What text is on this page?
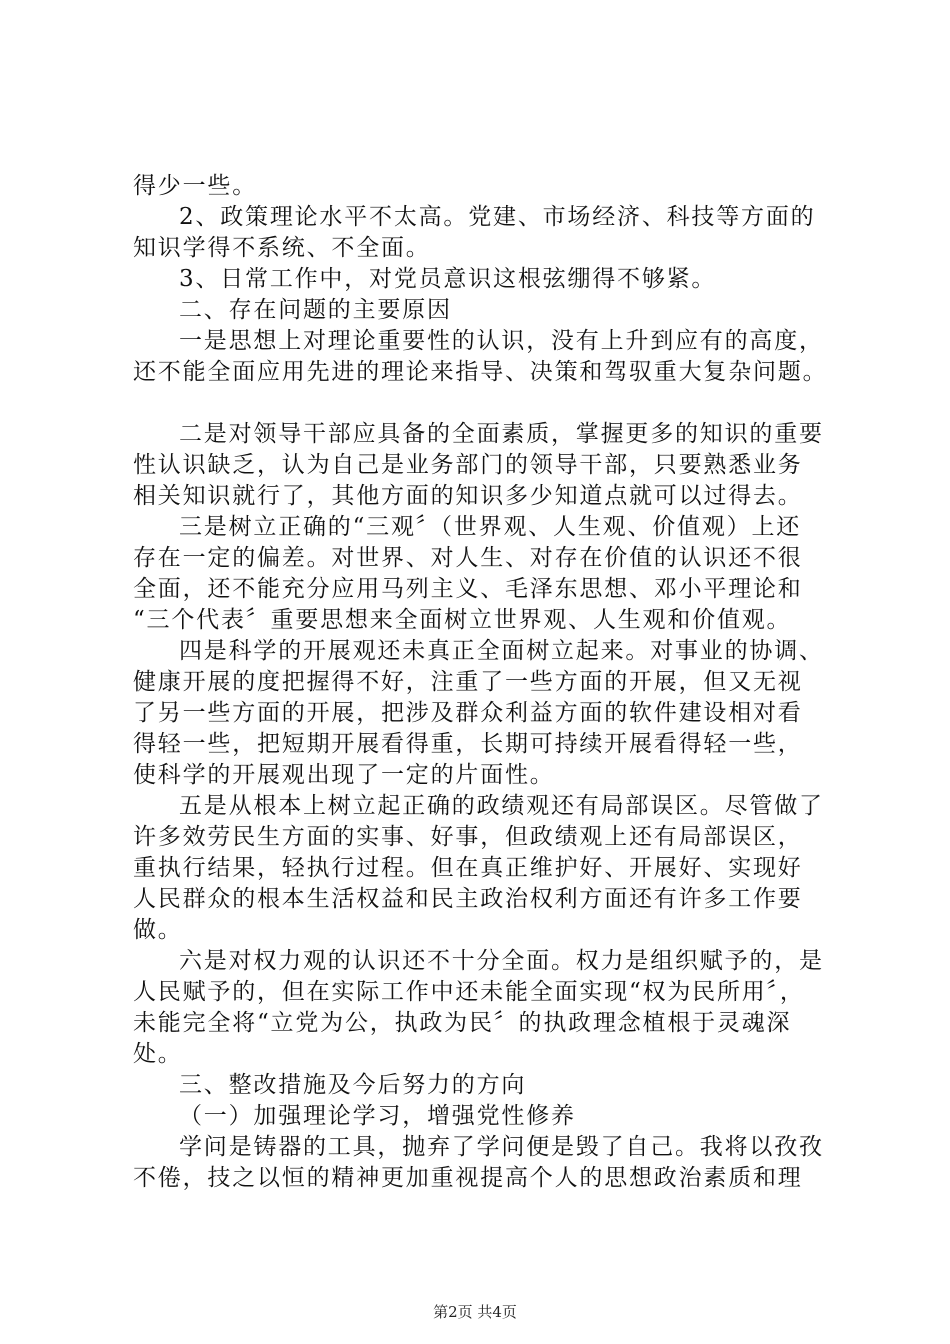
得少一些。
2、政策理论水平不太高。党建、市场经济、科技等方面的
知识学得不系统、不全面。
3、日常工作中，对党员意识这根弦绷得不够紧。
二、存在问题的主要原因
一是思想上对理论重要性的认识，没有上升到应有的高度，
还不能全面应用先进的理论来指导、决策和驾驭重大复杂问题。
二是对领导干部应具备的全面素质，掌握更多的知识的重要
性认识缺乏，认为自己是业务部门的领导干部，只要熟悉业务
相关知识就行了，其他方面的知识多少知道点就可以过得去。
三是树立正确的“三观〞（世界观、人生观、价值观）上还
存在一定的偏差。对世界、对人生、对存在价值的认识还不很
全面，还不能充分应用马列主义、毛泽东思想、邓小平理论和
“三个代表〞重要思想来全面树立世界观、人生观和价值观。
四是科学的开展观还未真正全面树立起来。对事业的协调、
健康开展的度把握得不好，注重了一些方面的开展，但又无视
了另一些方面的开展，把涉及群众利益方面的软件建设相对看
得轻一些，把短期开展看得重，长期可持续开展看得轻一些，
使科学的开展观出现了一定的片面性。
五是从根本上树立起正确的政绩观还有局部误区。尽管做了
许多效劳民生方面的实事、好事，但政绩观上还有局部误区，
重执行结果，轻执行过程。但在真正维护好、开展好、实现好
人民群众的根本生活权益和民主政治权利方面还有许多工作要
做。
六是对权力观的认识还不十分全面。权力是组织赋予的，是
人民赋予的，但在实际工作中还未能全面实现“权为民所用〞，
未能完全将“立党为公，执政为民〞的执政理念植根于灵魂深
处。
三、整改措施及今后努力的方向
（一）加强理论学习，增强党性修养
学问是铸器的工具，抛弃了学问便是毁了自己。我将以孜孜
不倦，技之以恒的精神更加重视提高个人的思想政治素质和理
第2页 共4页
